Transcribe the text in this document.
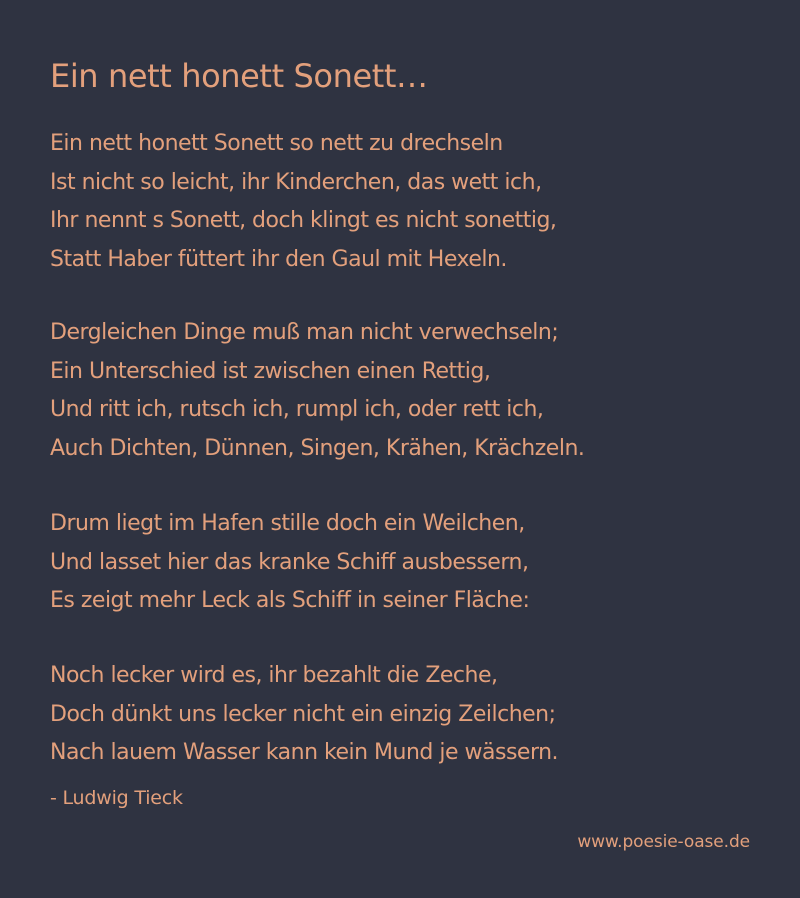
Ein nett honett Sonett…

Ein nett honett Sonett so nett zu drechseln
Ist nicht so leicht, ihr Kinderchen, das wett ich,
Ihr nennt s Sonett, doch klingt es nicht sonettig,
Statt Haber füttert ihr den Gaul mit Hexeln.

Dergleichen Dinge muß man nicht verwechseln;
Ein Unterschied ist zwischen einen Rettig,
Und ritt ich, rutsch ich, rumpl ich, oder rett ich,
Auch Dichten, Dünnen, Singen, Krähen, Krächzeln.

Drum liegt im Hafen stille doch ein Weilchen,
Und lasset hier das kranke Schiff ausbessern,
Es zeigt mehr Leck als Schiff in seiner Fläche:

Noch lecker wird es, ihr bezahlt die Zeche,
Doch dünkt uns lecker nicht ein einzig Zeilchen;
Nach lauem Wasser kann kein Mund je wässern.

- Ludwig Tieck

www.poesie-oase.de
